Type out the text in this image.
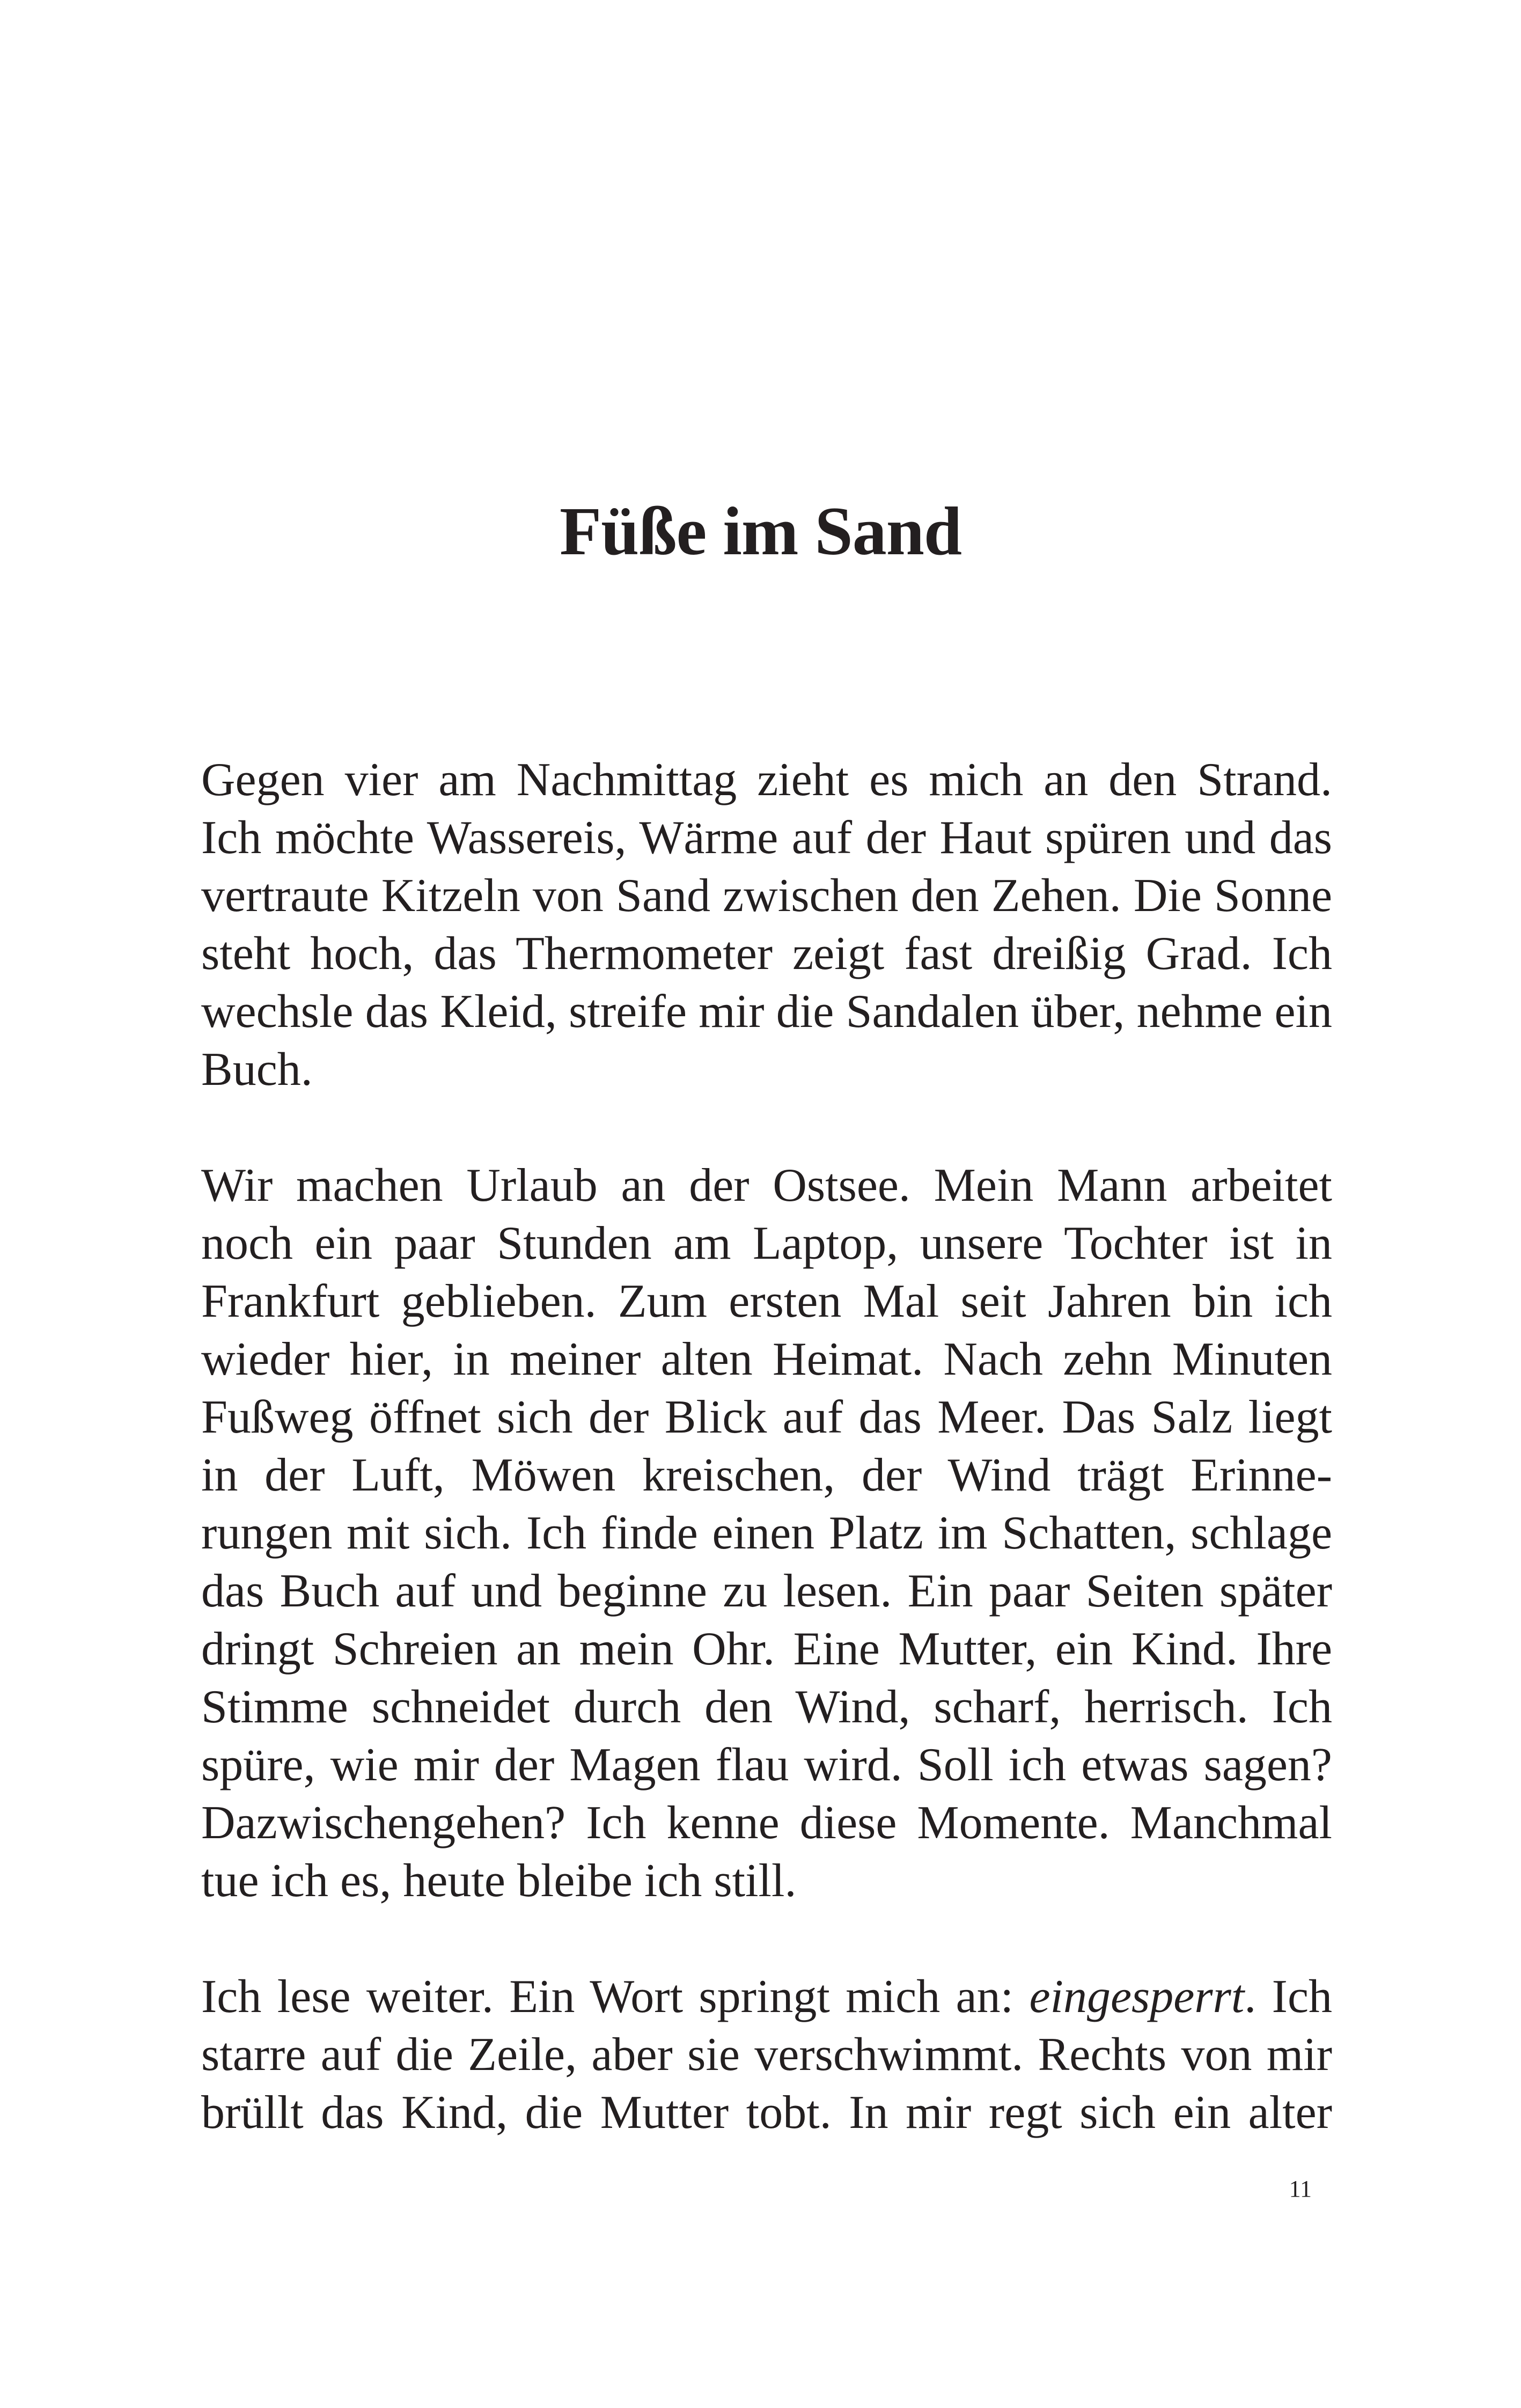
Füße im Sand

Gegen vier am Nachmittag zieht es mich an den Strand.
Ich möchte Wassereis, Wärme auf der Haut spüren und das
vertraute Kitzeln von Sand zwischen den Zehen. Die Sonne
steht hoch, das Thermometer zeigt fast dreißig Grad. Ich
wechsle das Kleid, streife mir die Sandalen über, nehme ein
Buch.

Wir machen Urlaub an der Ostsee. Mein Mann arbeitet
noch ein paar Stunden am Laptop, unsere Tochter ist in
Frankfurt geblieben. Zum ersten Mal seit Jahren bin ich
wieder hier, in meiner alten Heimat. Nach zehn Minuten
Fußweg öffnet sich der Blick auf das Meer. Das Salz liegt
in der Luft, Möwen kreischen, der Wind trägt Erinne-
rungen mit sich. Ich finde einen Platz im Schatten, schlage
das Buch auf und beginne zu lesen. Ein paar Seiten später
dringt Schreien an mein Ohr. Eine Mutter, ein Kind. Ihre
Stimme schneidet durch den Wind, scharf, herrisch. Ich
spüre, wie mir der Magen flau wird. Soll ich etwas sagen?
Dazwischengehen? Ich kenne diese Momente. Manchmal
tue ich es, heute bleibe ich still.

Ich lese weiter. Ein Wort springt mich an: eingesperrt. Ich
starre auf die Zeile, aber sie verschwimmt. Rechts von mir
brüllt das Kind, die Mutter tobt. In mir regt sich ein alter

11
